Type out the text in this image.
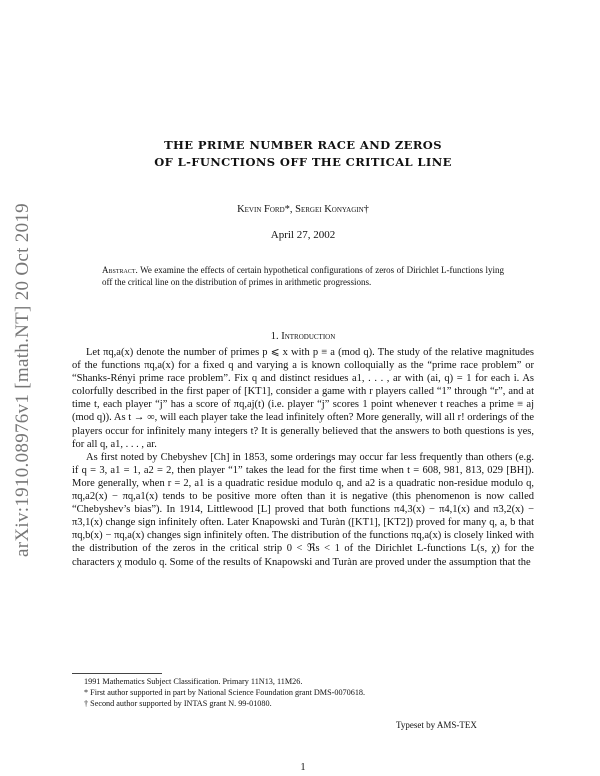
arXiv:1910.08976v1 [math.NT] 20 Oct 2019
THE PRIME NUMBER RACE AND ZEROS
OF L-FUNCTIONS OFF THE CRITICAL LINE
Kevin Ford*, Sergei Konyagin†
April 27, 2002
Abstract. We examine the effects of certain hypothetical configurations of zeros of Dirichlet L-functions lying off the critical line on the distribution of primes in arithmetic progressions.
1. Introduction

Let πq,a(x) denote the number of primes p ⩽ x with p ≡ a (mod q). The study of the relative magnitudes of the functions πq,a(x) for a fixed q and varying a is known colloquially as the “prime race problem” or “Shanks-Rényi prime race problem”. Fix q and distinct residues a1, . . . , ar with (ai, q) = 1 for each i. As colorfully described in the first paper of [KT1], consider a game with r players called “1” through “r”, and at time t, each player “j” has a score of πq,aj(t) (i.e. player “j” scores 1 point whenever t reaches a prime ≡ aj (mod q)). As t → ∞, will each player take the lead infinitely often? More generally, will all r! orderings of the players occur for infinitely many integers t? It is generally believed that the answers to both questions is yes, for all q, a1, . . . , ar.

As first noted by Chebyshev [Ch] in 1853, some orderings may occur far less frequently than others (e.g. if q = 3, a1 = 1, a2 = 2, then player “1” takes the lead for the first time when t = 608, 981, 813, 029 [BH]). More generally, when r = 2, a1 is a quadratic residue modulo q, and a2 is a quadratic non-residue modulo q, πq,a2(x) − πq,a1(x) tends to be positive more often than it is negative (this phenomenon is now called “Chebyshev’s bias”). In 1914, Littlewood [L] proved that both functions π4,3(x) − π4,1(x) and π3,2(x) − π3,1(x) change sign infinitely often. Later Knapowski and Turàn ([KT1], [KT2]) proved for many q, a, b that πq,b(x) − πq,a(x) changes sign infinitely often. The distribution of the functions πq,a(x) is closely linked with the distribution of the zeros in the critical strip 0 < ℜs < 1 of the Dirichlet L-functions L(s, χ) for the characters χ modulo q. Some of the results of Knapowski and Turàn are proved under the assumption that the

1991 Mathematics Subject Classification. Primary 11N13, 11M26.
* First author supported in part by National Science Foundation grant DMS-0070618.
† Second author supported by INTAS grant N. 99-01080.
Typeset by AMS-TEX
1
